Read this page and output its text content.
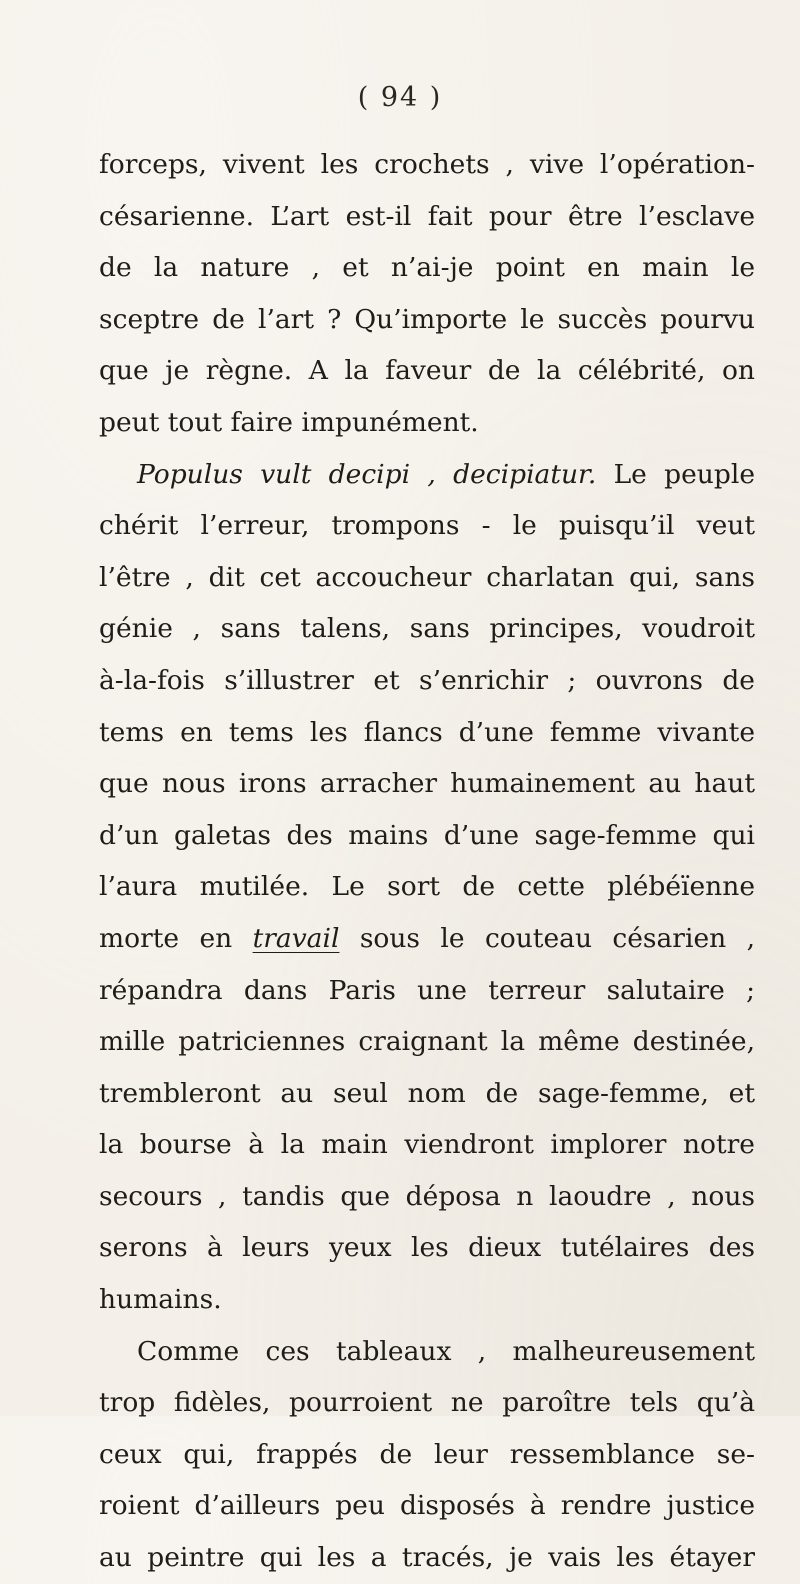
( 94 )
forceps, vivent les crochets , vive l’opération-
césarienne. L’art est-il fait pour être l’esclave
de la nature , et n’ai-je point en main le
sceptre de l’art ? Qu’importe le succès pourvu
que je règne. A la faveur de la célébrité, on
peut tout faire impunément.
Populus vult decipi , decipiatur. Le peuple
chérit l’erreur, trompons - le puisqu’il veut
l’être , dit cet accoucheur charlatan qui, sans
génie , sans talens, sans principes, voudroit
à-la-fois s’illustrer et s’enrichir ; ouvrons de
tems en tems les flancs d’une femme vivante
que nous irons arracher humainement au haut
d’un galetas des mains d’une sage-femme qui
l’aura mutilée. Le sort de cette plébéïenne
morte en travail sous le couteau césarien ,
répandra dans Paris une terreur salutaire ;
mille patriciennes craignant la même destinée,
trembleront au seul nom de sage-femme, et
la bourse à la main viendront implorer notre
secours , tandis que déposa n laoudre , nous
serons à leurs yeux les dieux tutélaires des
humains.
Comme ces tableaux , malheureusement
trop fidèles, pourroient ne paroître tels qu’à
ceux qui, frappés de leur ressemblance se-
roient d’ailleurs peu disposés à rendre justice
au peintre qui les a tracés, je vais les étayer
